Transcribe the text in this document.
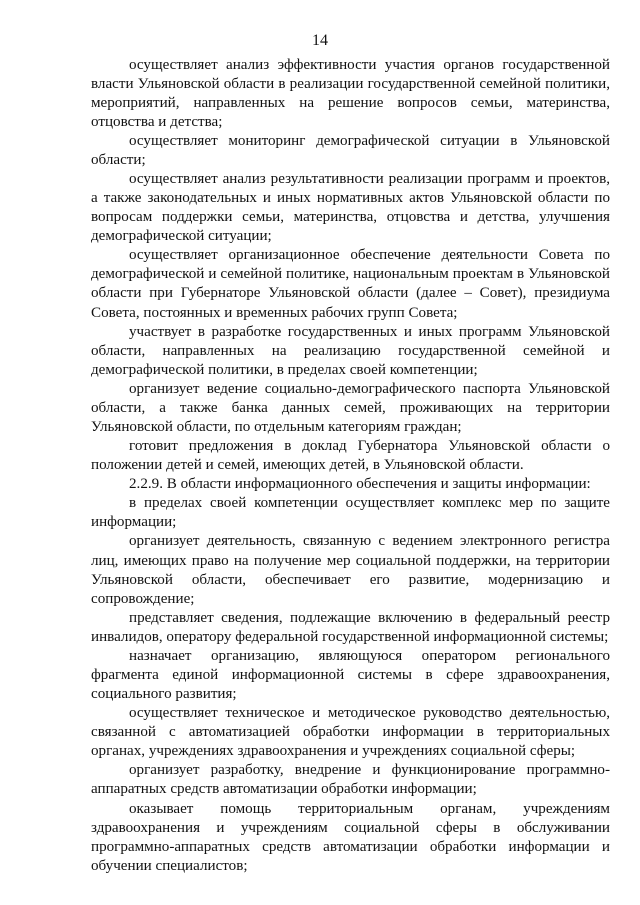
14

осуществляет анализ эффективности участия органов государственной власти Ульяновской области в реализации государственной семейной политики, мероприятий, направленных на решение вопросов семьи, материнства, отцовства и детства;

осуществляет мониторинг демографической ситуации в Ульяновской области;

осуществляет анализ результативности реализации программ и проектов, а также законодательных и иных нормативных актов Ульяновской области по вопросам поддержки семьи, материнства, отцовства и детства, улучшения демографической ситуации;

осуществляет организационное обеспечение деятельности Совета по демографической и семейной политике, национальным проектам в Ульяновской области при Губернаторе Ульяновской области (далее – Совет), президиума Совета, постоянных и временных рабочих групп Совета;

участвует в разработке государственных и иных программ Ульяновской области, направленных на реализацию государственной семейной и демографической политики, в пределах своей компетенции;

организует ведение социально-демографического паспорта Ульяновской области, а также банка данных семей, проживающих на территории Ульяновской области, по отдельным категориям граждан;

готовит предложения в доклад Губернатора Ульяновской области о положении детей и семей, имеющих детей, в Ульяновской области.

2.2.9. В области информационного обеспечения и защиты информации:

в пределах своей компетенции осуществляет комплекс мер по защите информации;

организует деятельность, связанную с ведением электронного регистра лиц, имеющих право на получение мер социальной поддержки, на территории Ульяновской области, обеспечивает его развитие, модернизацию и сопровождение;

представляет сведения, подлежащие включению в федеральный реестр инвалидов, оператору федеральной государственной информационной системы;

назначает организацию, являющуюся оператором регионального фрагмента единой информационной системы в сфере здравоохранения, социального развития;

осуществляет техническое и методическое руководство деятельностью, связанной с автоматизацией обработки информации в территориальных органах, учреждениях здравоохранения и учреждениях социальной сферы;

организует разработку, внедрение и функционирование программно-аппаратных средств автоматизации обработки информации;

оказывает помощь территориальным органам, учреждениям здравоохранения и учреждениям социальной сферы в обслуживании программно-аппаратных средств автоматизации обработки информации и обучении специалистов;
